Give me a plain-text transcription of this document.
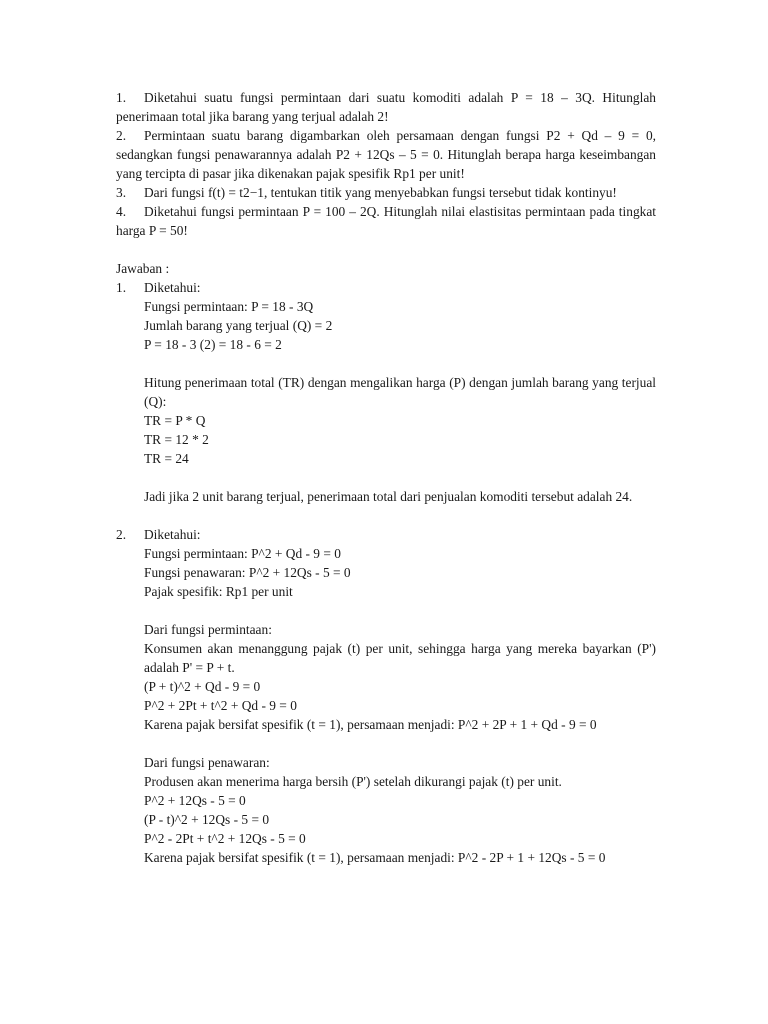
1. Diketahui suatu fungsi permintaan dari suatu komoditi adalah P = 18 – 3Q. Hitunglah penerimaan total jika barang yang terjual adalah 2!
2. Permintaan suatu barang digambarkan oleh persamaan dengan fungsi P2 + Qd – 9 = 0, sedangkan fungsi penawarannya adalah P2 + 12Qs – 5 = 0. Hitunglah berapa harga keseimbangan yang tercipta di pasar jika dikenakan pajak spesifik Rp1 per unit!
3. Dari fungsi f(t) = t2−1, tentukan titik yang menyebabkan fungsi tersebut tidak kontinyu!
4. Diketahui fungsi permintaan P = 100 – 2Q. Hitunglah nilai elastisitas permintaan pada tingkat harga P = 50!
Jawaban :
1. Diketahui:
Fungsi permintaan: P = 18 - 3Q
Jumlah barang yang terjual (Q) = 2
P = 18 - 3 (2) = 18 - 6 = 2
Hitung penerimaan total (TR) dengan mengalikan harga (P) dengan jumlah barang yang terjual (Q):
TR = P * Q
TR = 12 * 2
TR = 24
Jadi jika 2 unit barang terjual, penerimaan total dari penjualan komoditi tersebut adalah 24.
2. Diketahui:
Fungsi permintaan: P^2 + Qd - 9 = 0
Fungsi penawaran: P^2 + 12Qs - 5 = 0
Pajak spesifik: Rp1 per unit
Dari fungsi permintaan:
Konsumen akan menanggung pajak (t) per unit, sehingga harga yang mereka bayarkan (P') adalah P' = P + t.
(P + t)^2 + Qd - 9 = 0
P^2 + 2Pt + t^2 + Qd - 9 = 0
Karena pajak bersifat spesifik (t = 1), persamaan menjadi: P^2 + 2P + 1 + Qd - 9 = 0
Dari fungsi penawaran:
Produsen akan menerima harga bersih (P') setelah dikurangi pajak (t) per unit.
P^2 + 12Qs - 5 = 0
(P - t)^2 + 12Qs - 5 = 0
P^2 - 2Pt + t^2 + 12Qs - 5 = 0
Karena pajak bersifat spesifik (t = 1), persamaan menjadi: P^2 - 2P + 1 + 12Qs - 5 = 0
